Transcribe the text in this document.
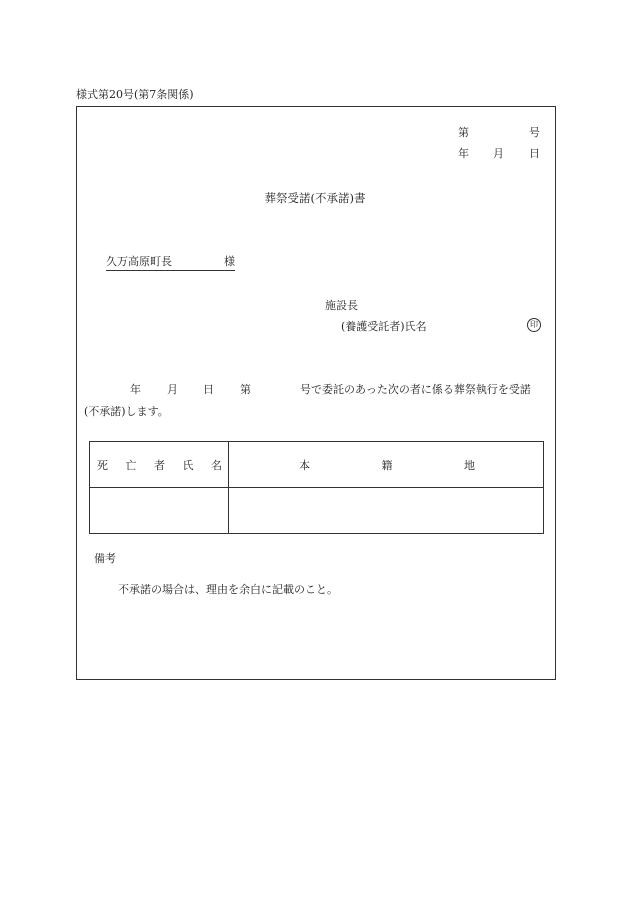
様式第20号(第7条関係)
第	号
年 月 日
葬祭受諾(不承諾)書
久万高原町長	様
施設長
(養護受託者)氏名	印
年 月 日 第	号で委託のあった次の者に係る葬祭執行を受諾
(不承諾)します。
死 亡 者 氏 名	本 籍 地

備考
不承諾の場合は、理由を余白に記載のこと。
